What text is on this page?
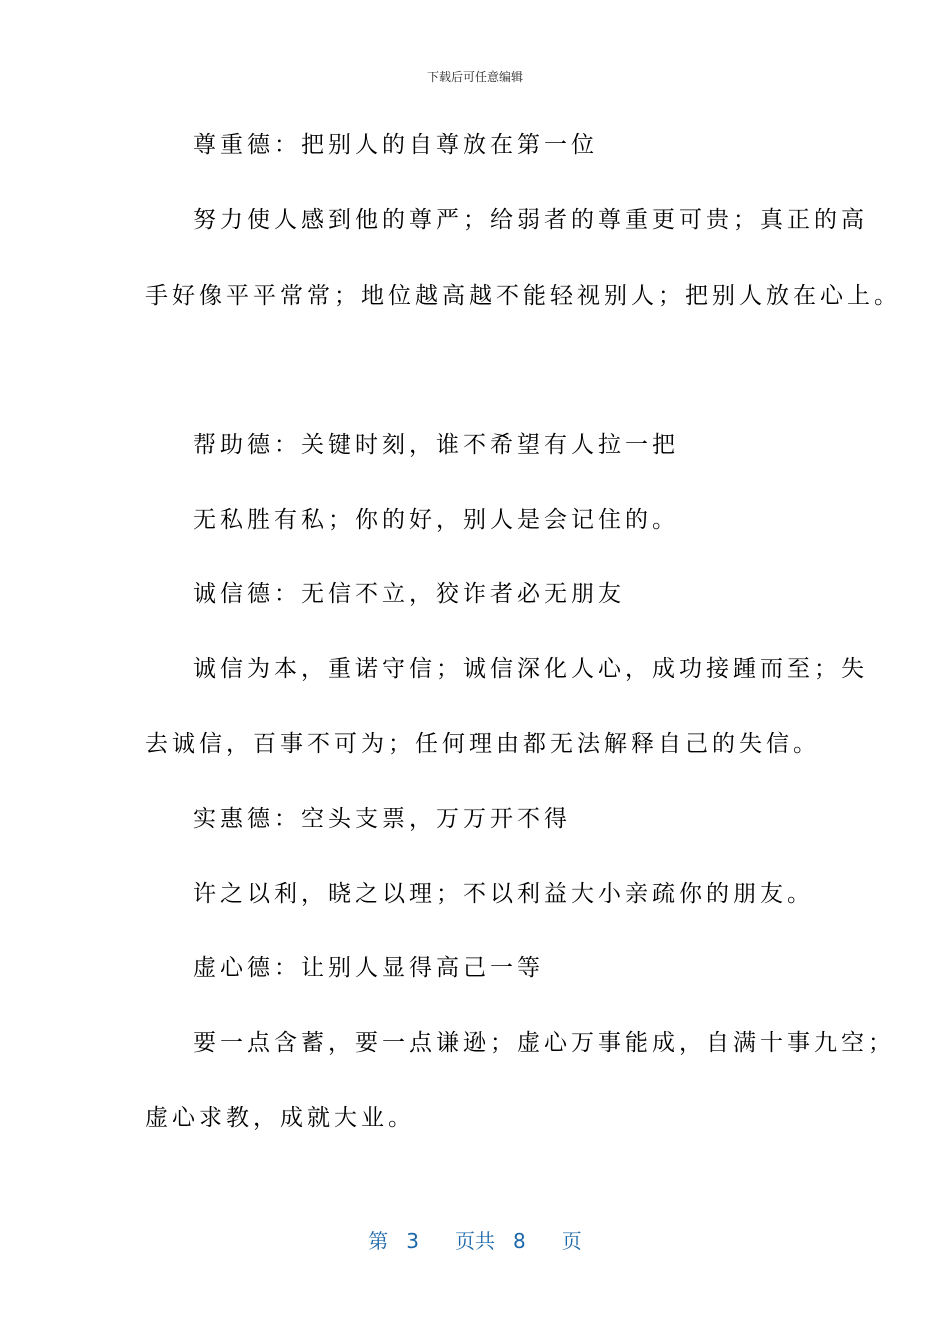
下载后可任意编辑
尊重德：把别人的自尊放在第一位
努力使人感到他的尊严；给弱者的尊重更可贵；真正的高
手好像平平常常；地位越高越不能轻视别人；把别人放在心上。
帮助德：关键时刻，谁不希望有人拉一把
无私胜有私；你的好，别人是会记住的。
诚信德：无信不立，狡诈者必无朋友
诚信为本，重诺守信；诚信深化人心，成功接踵而至；失
去诚信，百事不可为；任何理由都无法解释自己的失信。
实惠德：空头支票，万万开不得
许之以利，晓之以理；不以利益大小亲疏你的朋友。
虚心德：让别人显得高己一等
要一点含蓄，要一点谦逊；虚心万事能成，自满十事九空；
虚心求教，成就大业。
第 3 页共 8 页
